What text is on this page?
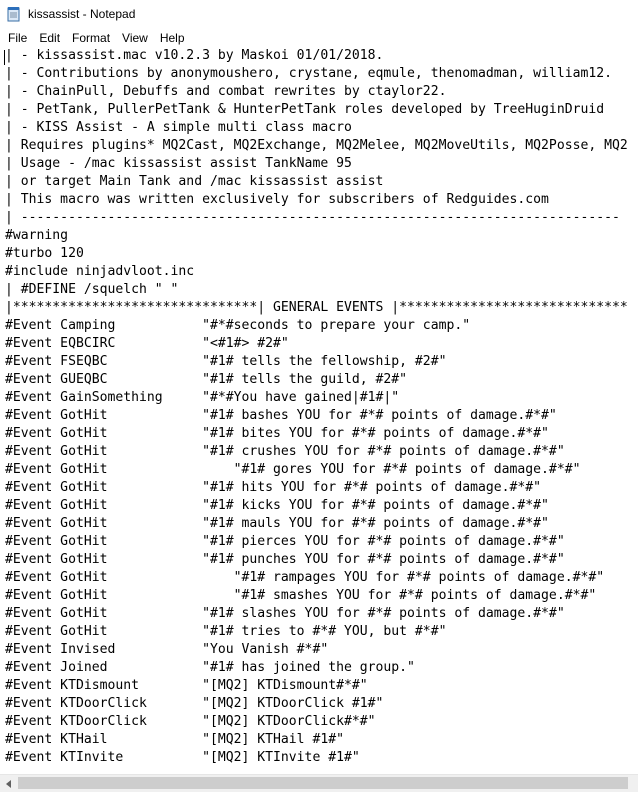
kissassist - Notepad
File	Edit	Format	View	Help
| - kissassist.mac v10.2.3 by Maskoi 01/01/2018.
| - Contributions by anonymoushero, crystane, eqmule, thenomadman, william12.
| - ChainPull, Debuffs and combat rewrites by ctaylor22.
| - PetTank, PullerPetTank & HunterPetTank roles developed by TreeHuginDruid
| - KISS Assist - A simple multi class macro
| Requires plugins* MQ2Cast, MQ2Exchange, MQ2Melee, MQ2MoveUtils, MQ2Posse, MQ2
| Usage - /mac kissassist assist TankName 95
| or target Main Tank and /mac kissassist assist
| This macro was written exclusively for subscribers of Redguides.com
| ----------------------------------------------------------------------------
#warning
#turbo 120
#include ninjadvloot.inc
| #DEFINE /squelch " "
|*******************************| GENERAL EVENTS |*****************************
#Event Camping           "#*#seconds to prepare your camp."
#Event EQBCIRC           "<#1#> #2#"
#Event FSEQBC            "#1# tells the fellowship, #2#"
#Event GUEQBC            "#1# tells the guild, #2#"
#Event GainSomething     "#*#You have gained|#1#|"
#Event GotHit            "#1# bashes YOU for #*# points of damage.#*#"
#Event GotHit            "#1# bites YOU for #*# points of damage.#*#"
#Event GotHit            "#1# crushes YOU for #*# points of damage.#*#"
#Event GotHit                "#1# gores YOU for #*# points of damage.#*#"
#Event GotHit            "#1# hits YOU for #*# points of damage.#*#"
#Event GotHit            "#1# kicks YOU for #*# points of damage.#*#"
#Event GotHit            "#1# mauls YOU for #*# points of damage.#*#"
#Event GotHit            "#1# pierces YOU for #*# points of damage.#*#"
#Event GotHit            "#1# punches YOU for #*# points of damage.#*#"
#Event GotHit                "#1# rampages YOU for #*# points of damage.#*#"
#Event GotHit                "#1# smashes YOU for #*# points of damage.#*#"
#Event GotHit            "#1# slashes YOU for #*# points of damage.#*#"
#Event GotHit            "#1# tries to #*# YOU, but #*#"
#Event Invised           "You Vanish #*#"
#Event Joined            "#1# has joined the group."
#Event KTDismount        "[MQ2] KTDismount#*#"
#Event KTDoorClick       "[MQ2] KTDoorClick #1#"
#Event KTDoorClick       "[MQ2] KTDoorClick#*#"
#Event KTHail            "[MQ2] KTHail #1#"
#Event KTInvite          "[MQ2] KTInvite #1#"
